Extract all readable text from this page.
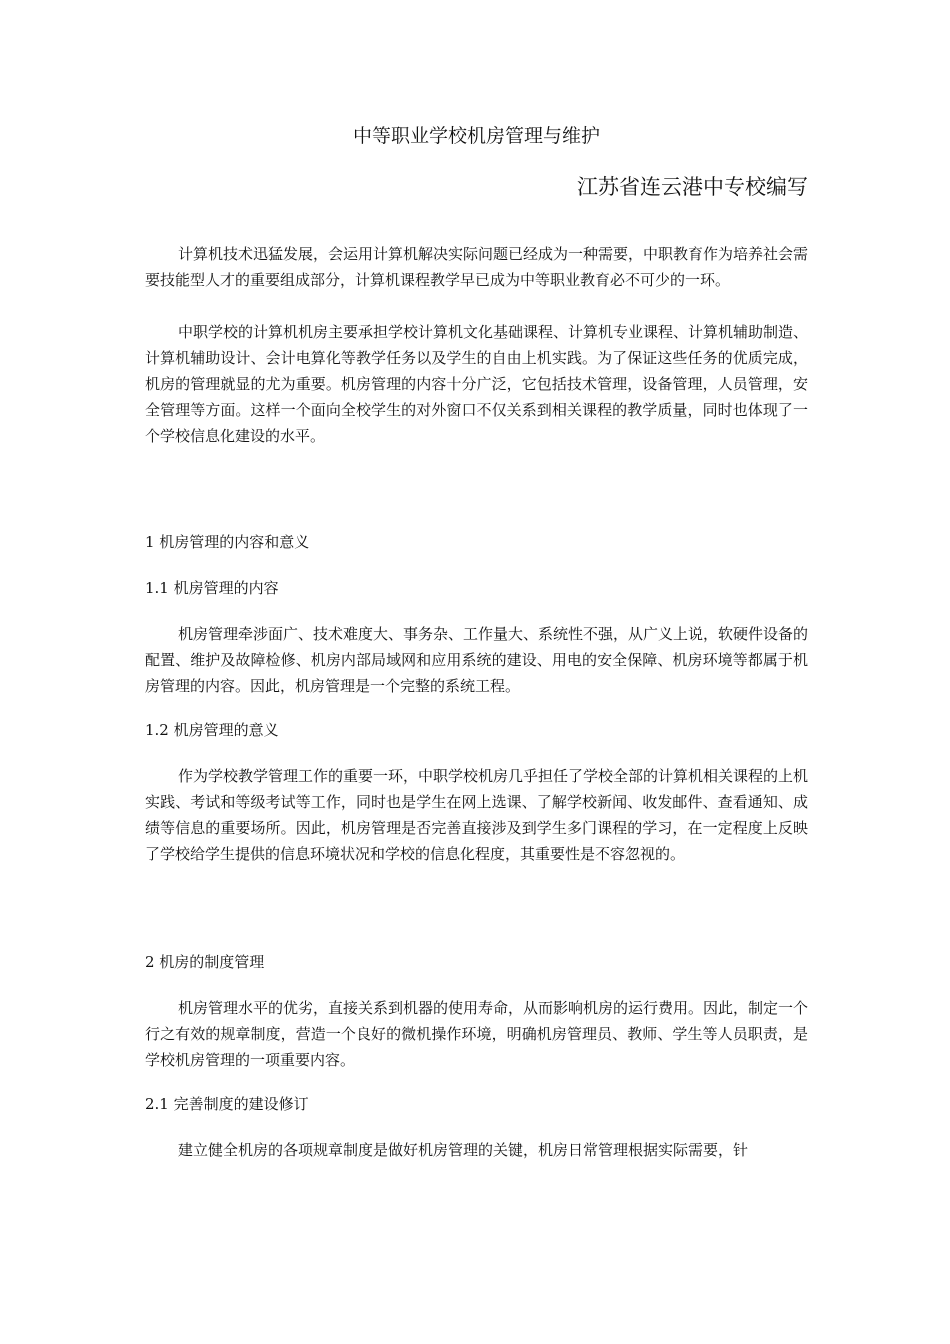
中等职业学校机房管理与维护
江苏省连云港中专校编写

计算机技术迅猛发展，会运用计算机解决实际问题已经成为一种需要，中职教育作为培养社会需要技能型人才的重要组成部分，计算机课程教学早已成为中等职业教育必不可少的一环。

中职学校的计算机机房主要承担学校计算机文化基础课程、计算机专业课程、计算机辅助制造、计算机辅助设计、会计电算化等教学任务以及学生的自由上机实践。为了保证这些任务的优质完成，机房的管理就显的尤为重要。机房管理的内容十分广泛，它包括技术管理，设备管理，人员管理，安全管理等方面。这样一个面向全校学生的对外窗口不仅关系到相关课程的教学质量，同时也体现了一个学校信息化建设的水平。

1 机房管理的内容和意义
1.1 机房管理的内容

机房管理牵涉面广、技术难度大、事务杂、工作量大、系统性不强，从广义上说，软硬件设备的配置、维护及故障检修、机房内部局域网和应用系统的建设、用电的安全保障、机房环境等都属于机房管理的内容。因此，机房管理是一个完整的系统工程。

1.2 机房管理的意义

作为学校教学管理工作的重要一环，中职学校机房几乎担任了学校全部的计算机相关课程的上机实践、考试和等级考试等工作，同时也是学生在网上选课、了解学校新闻、收发邮件、查看通知、成绩等信息的重要场所。因此，机房管理是否完善直接涉及到学生多门课程的学习，在一定程度上反映了学校给学生提供的信息环境状况和学校的信息化程度，其重要性是不容忽视的。

2 机房的制度管理

机房管理水平的优劣，直接关系到机器的使用寿命，从而影响机房的运行费用。因此，制定一个行之有效的规章制度，营造一个良好的微机操作环境，明确机房管理员、教师、学生等人员职责，是学校机房管理的一项重要内容。

2.1 完善制度的建设修订

建立健全机房的各项规章制度是做好机房管理的关键，机房日常管理根据实际需要，针
